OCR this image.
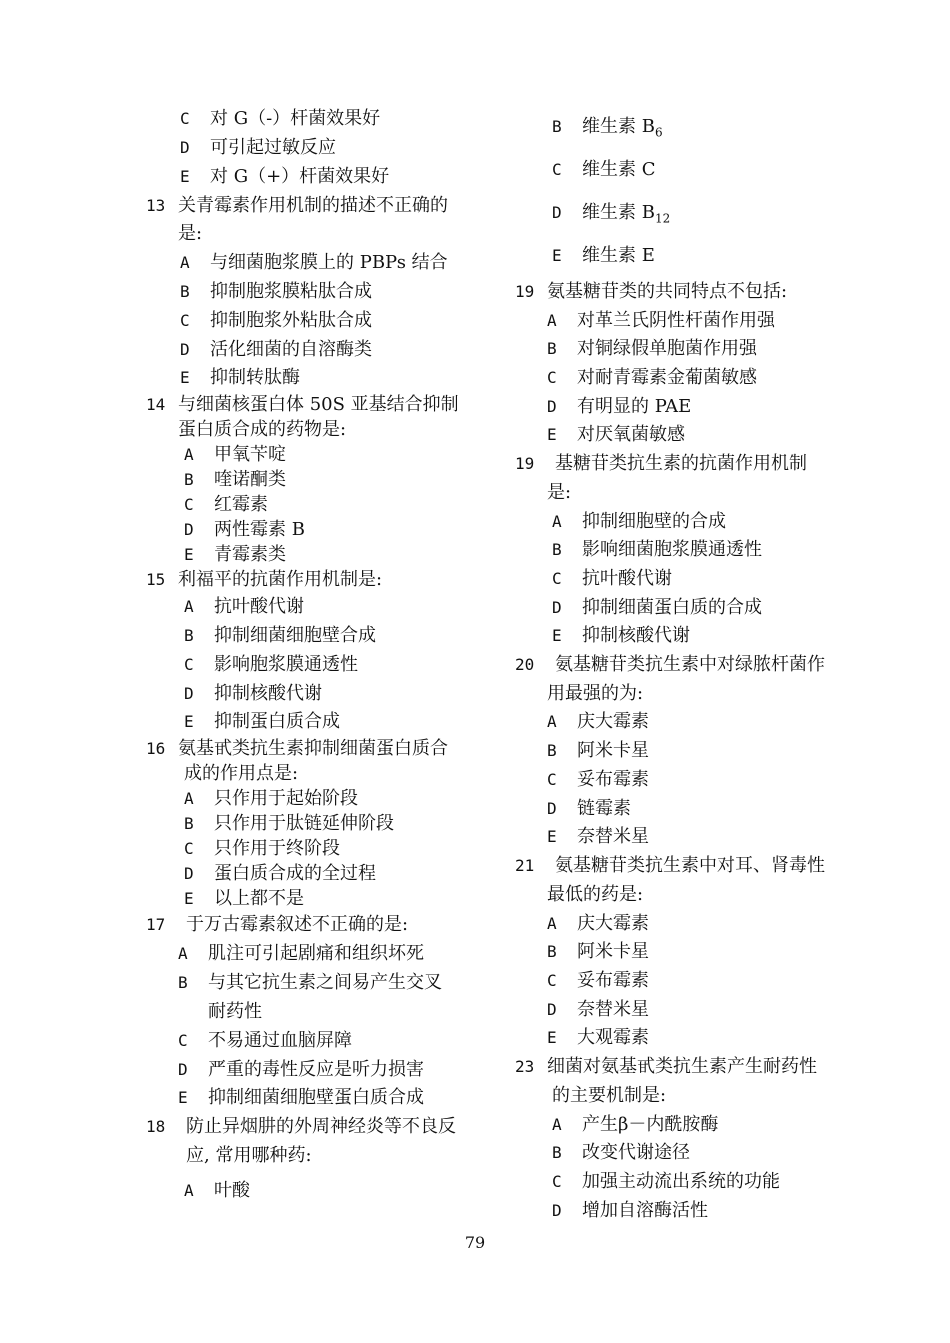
C 对 G（-）杆菌效果好
D 可引起过敏反应
E 对 G（+）杆菌效果好
13 关青霉素作用机制的描述不正确的
是:
A 与细菌胞浆膜上的 PBPs 结合
B 抑制胞浆膜粘肽合成
C 抑制胞浆外粘肽合成
D 活化细菌的自溶酶类
E 抑制转肽酶
14 与细菌核蛋白体 50S 亚基结合抑制
蛋白质合成的药物是:
A 甲氧苄啶
B 喹诺酮类
C 红霉素
D 两性霉素 B
E 青霉素类
15 利福平的抗菌作用机制是:
A 抗叶酸代谢
B 抑制细菌细胞壁合成
C 影响胞浆膜通透性
D 抑制核酸代谢
E 抑制蛋白质合成
16 氨基甙类抗生素抑制细菌蛋白质合
成的作用点是:
A 只作用于起始阶段
B 只作用于肽链延伸阶段
C 只作用于终阶段
D 蛋白质合成的全过程
E 以上都不是
17 于万古霉素叙述不正确的是:
A 肌注可引起剧痛和组织坏死
B 与其它抗生素之间易产生交叉
耐药性
C 不易通过血脑屏障
D 严重的毒性反应是听力损害
E 抑制细菌细胞壁蛋白质合成
18 防止异烟肼的外周神经炎等不良反
应, 常用哪种药:
A 叶酸
B 维生素 $B_6$
C 维生素 C
D 维生素 $B_{12}$
E 维生素 E
19 氨基糖苷类的共同特点不包括:
A 对革兰氏阴性杆菌作用强
B 对铜绿假单胞菌作用强
C 对耐青霉素金葡菌敏感
D 有明显的 PAE
E 对厌氧菌敏感
19 基糖苷类抗生素的抗菌作用机制
是:
A 抑制细胞壁的合成
B 影响细菌胞浆膜通透性
C 抗叶酸代谢
D 抑制细菌蛋白质的合成
E 抑制核酸代谢
20 氨基糖苷类抗生素中对绿脓杆菌作
用最强的为:
A 庆大霉素
B 阿米卡星
C 妥布霉素
D 链霉素
E 奈替米星
21 氨基糖苷类抗生素中对耳、肾毒性
最低的药是:
A 庆大霉素
B 阿米卡星
C 妥布霉素
D 奈替米星
E 大观霉素
23 细菌对氨基甙类抗生素产生耐药性
的主要机制是:
A 产生β－内酰胺酶
B 改变代谢途径
C 加强主动流出系统的功能
D 增加自溶酶活性
79
